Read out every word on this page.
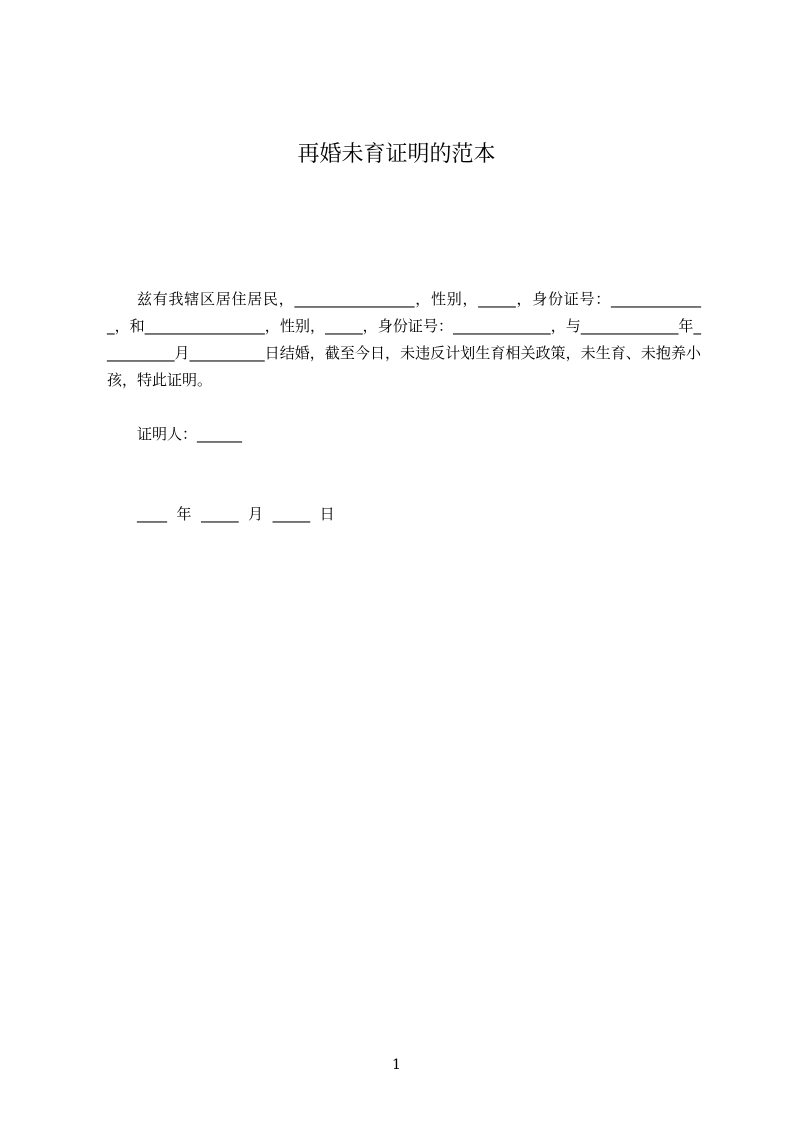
再婚未育证明的范本

兹有我辖区居住居民，________________，性别，_____，身份证号：_____________，和________________，性别，_____，身份证号：_____________，与_____________年__________月__________日结婚，截至今日，未违反计划生育相关政策，未生育、未抱养小孩，特此证明。

证明人：______
____  年  _____  月  _____  日
1
